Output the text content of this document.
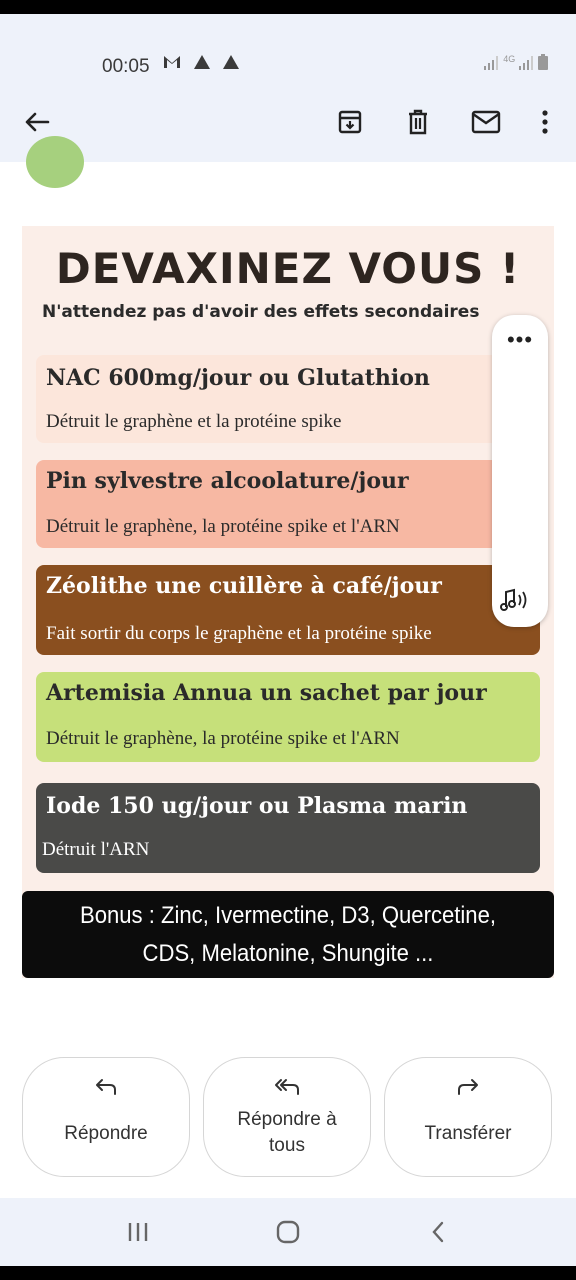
00:05
	$^{4G}$
DEVAXINEZ VOUS !
N'attendez pas d'avoir des effets secondaires
NAC 600mg/jour ou Glutathion
Détruit le graphène et la protéine spike
Pin sylvestre alcoolature/jour
Détruit le graphène, la protéine spike et l'ARN
Zéolithe une cuillère à café/jour
Fait sortir du corps le graphène et la protéine spike
Artemisia Annua un sachet par jour
Détruit le graphène, la protéine spike et l'ARN
Iode 150 ug/jour ou Plasma marin
Détruit l'ARN
Bonus : Zinc, Ivermectine, D3, Quercetine,
CDS, Melatonine, Shungite ...
•••
Répondre
Répondre à
tous
Transférer
